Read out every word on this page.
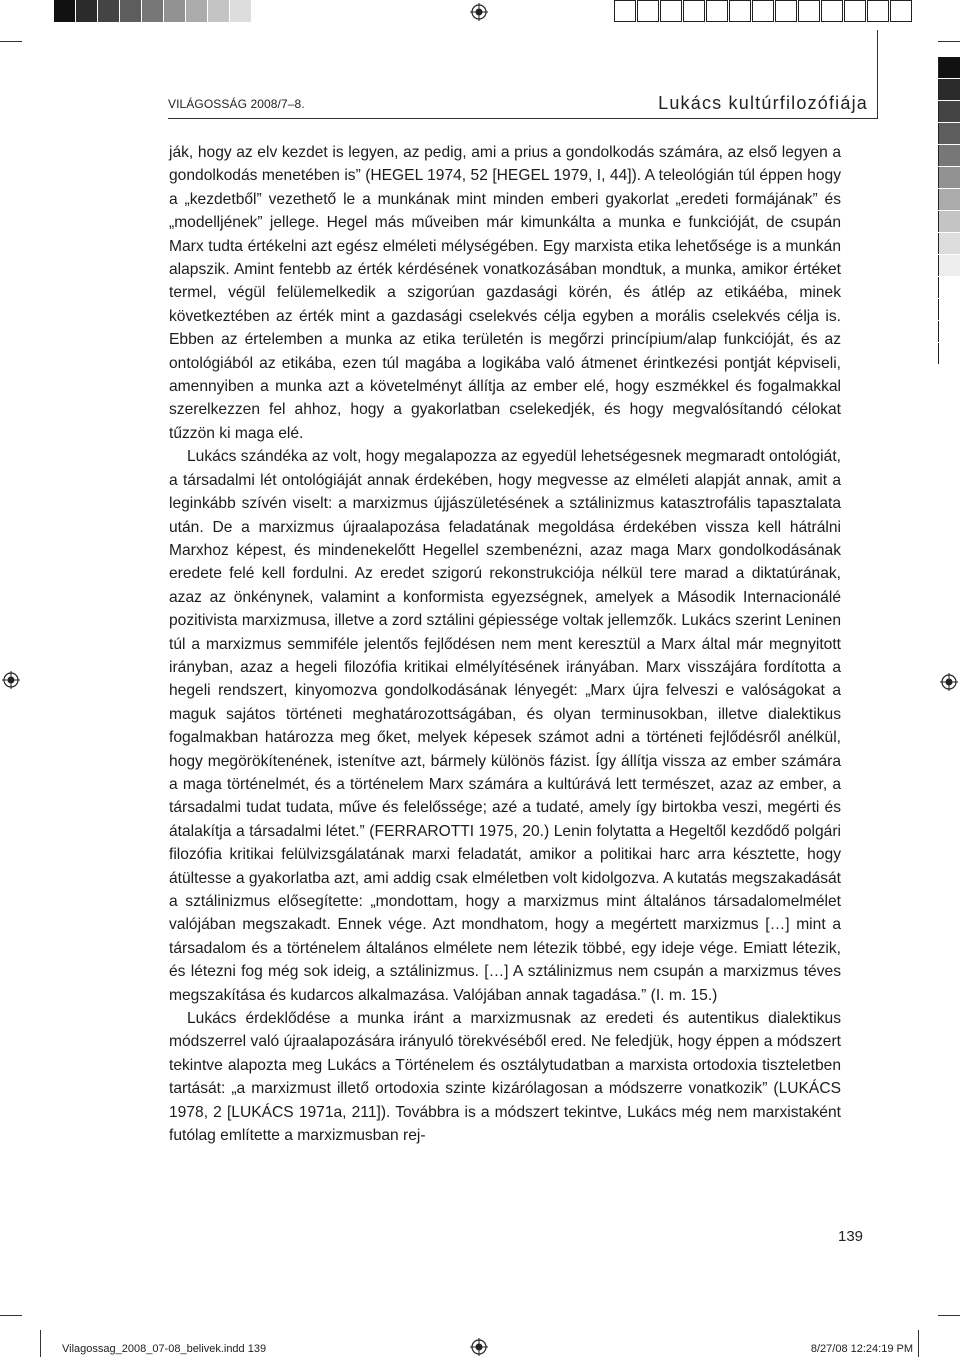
VILÁGOSSÁG 2008/7–8.	Lukács kultúrfilozófiája

ják, hogy az elv kezdet is legyen, az pedig, ami a prius a gondolkodás számára, az első legyen a gondolkodás menetében is” (HEGEL 1974, 52 [HEGEL 1979, I, 44]). A teleológián túl éppen hogy a „kezdetből” vezethető le a munkának mint minden emberi gyakorlat „eredeti formájának” és „modelljének” jellege. Hegel más műveiben már kimunkálta a munka e funkcióját, de csupán Marx tudta értékelni azt egész elméleti mélységében. Egy marxista etika lehetősége is a munkán alapszik. Amint fentebb az érték kérdésének vonatkozásában mondtuk, a munka, amikor értéket termel, végül felülemelkedik a szigorúan gazdasági körén, és átlép az etikáéba, minek következtében az érték mint a gazdasági cselekvés célja egyben a morális cselekvés célja is. Ebben az értelemben a munka az etika területén is megőrzi princípium/alap funkcióját, és az ontológiából az etikába, ezen túl magába a logikába való átmenet érintkezési pontját képviseli, amennyiben a munka azt a követelményt állítja az ember elé, hogy eszmékkel és fogalmakkal szerelkezzen fel ahhoz, hogy a gyakorlatban cselekedjék, és hogy megvalósítandó célokat tűzzön ki maga elé.

Lukács szándéka az volt, hogy megalapozza az egyedül lehetségesnek megmaradt ontológiát, a társadalmi lét ontológiáját annak érdekében, hogy megvesse az elméleti alapját annak, amit a leginkább szívén viselt: a marxizmus újjászületésének a sztálinizmus katasztrofális tapasztalata után. De a marxizmus újraalapozása feladatának megoldása érdekében vissza kell hátrálni Marxhoz képest, és mindenekelőtt Hegellel szembenézni, azaz maga Marx gondolkodásának eredete felé kell fordulni. Az eredet szigorú rekonstrukciója nélkül tere marad a diktatúrának, azaz az önkénynek, valamint a konformista egyezségnek, amelyek a Második Internacionálé pozitivista marxizmusa, illetve a zord sztálini gépiessége voltak jellemzők. Lukács szerint Leninen túl a marxizmus semmiféle jelentős fejlődésen nem ment keresztül a Marx által már megnyitott irányban, azaz a hegeli filozófia kritikai elmélyítésének irányában. Marx visszájára fordította a hegeli rendszert, kinyomozva gondolkodásának lényegét: „Marx újra felveszi e valóságokat a maguk sajátos történeti meghatározottságában, és olyan terminusokban, illetve dialektikus fogalmakban határozza meg őket, melyek képesek számot adni a történeti fejlődésről anélkül, hogy megörökítenének, istenítve azt, bármely különös fázist. Így állítja vissza az ember számára a maga történelmét, és a történelem Marx számára a kultúrává lett természet, azaz az ember, a társadalmi tudat tudata, műve és felelőssége; azé a tudaté, amely így birtokba veszi, megérti és átalakítja a társadalmi létet.” (FERRAROTTI 1975, 20.) Lenin folytatta a Hegeltől kezdődő polgári filozófia kritikai felülvizsgálatának marxi feladatát, amikor a politikai harc arra késztette, hogy átültesse a gyakorlatba azt, ami addig csak elméletben volt kidolgozva. A kutatás megszakadását a sztálinizmus elősegítette: „mondottam, hogy a marxizmus mint általános társadalomelmélet valójában megszakadt. Ennek vége. Azt mondhatom, hogy a megértett marxizmus […] mint a társadalom és a történelem általános elmélete nem létezik többé, egy ideje vége. Emiatt létezik, és létezni fog még sok ideig, a sztálinizmus. […] A sztálinizmus nem csupán a marxizmus téves megszakítása és kudarcos alkalmazása. Valójában annak tagadása.” (I. m. 15.)

Lukács érdeklődése a munka iránt a marxizmusnak az eredeti és autentikus dialektikus módszerrel való újraalapozására irányuló törekvéséből ered. Ne feledjük, hogy éppen a módszert tekintve alapozta meg Lukács a Történelem és osztálytudatban a marxista ortodoxia tiszteletben tartását: „a marxizmust illető ortodoxia szinte kizárólagosan a módszerre vonatkozik” (LUKÁCS 1978, 2 [LUKÁCS 1971a, 211]). Továbbra is a módszert tekintve, Lukács még nem marxistaként futólag említette a marxizmusban rej-

139
Vilagossag_2008_07-08_belivek.indd 139	8/27/08 12:24:19 PM
